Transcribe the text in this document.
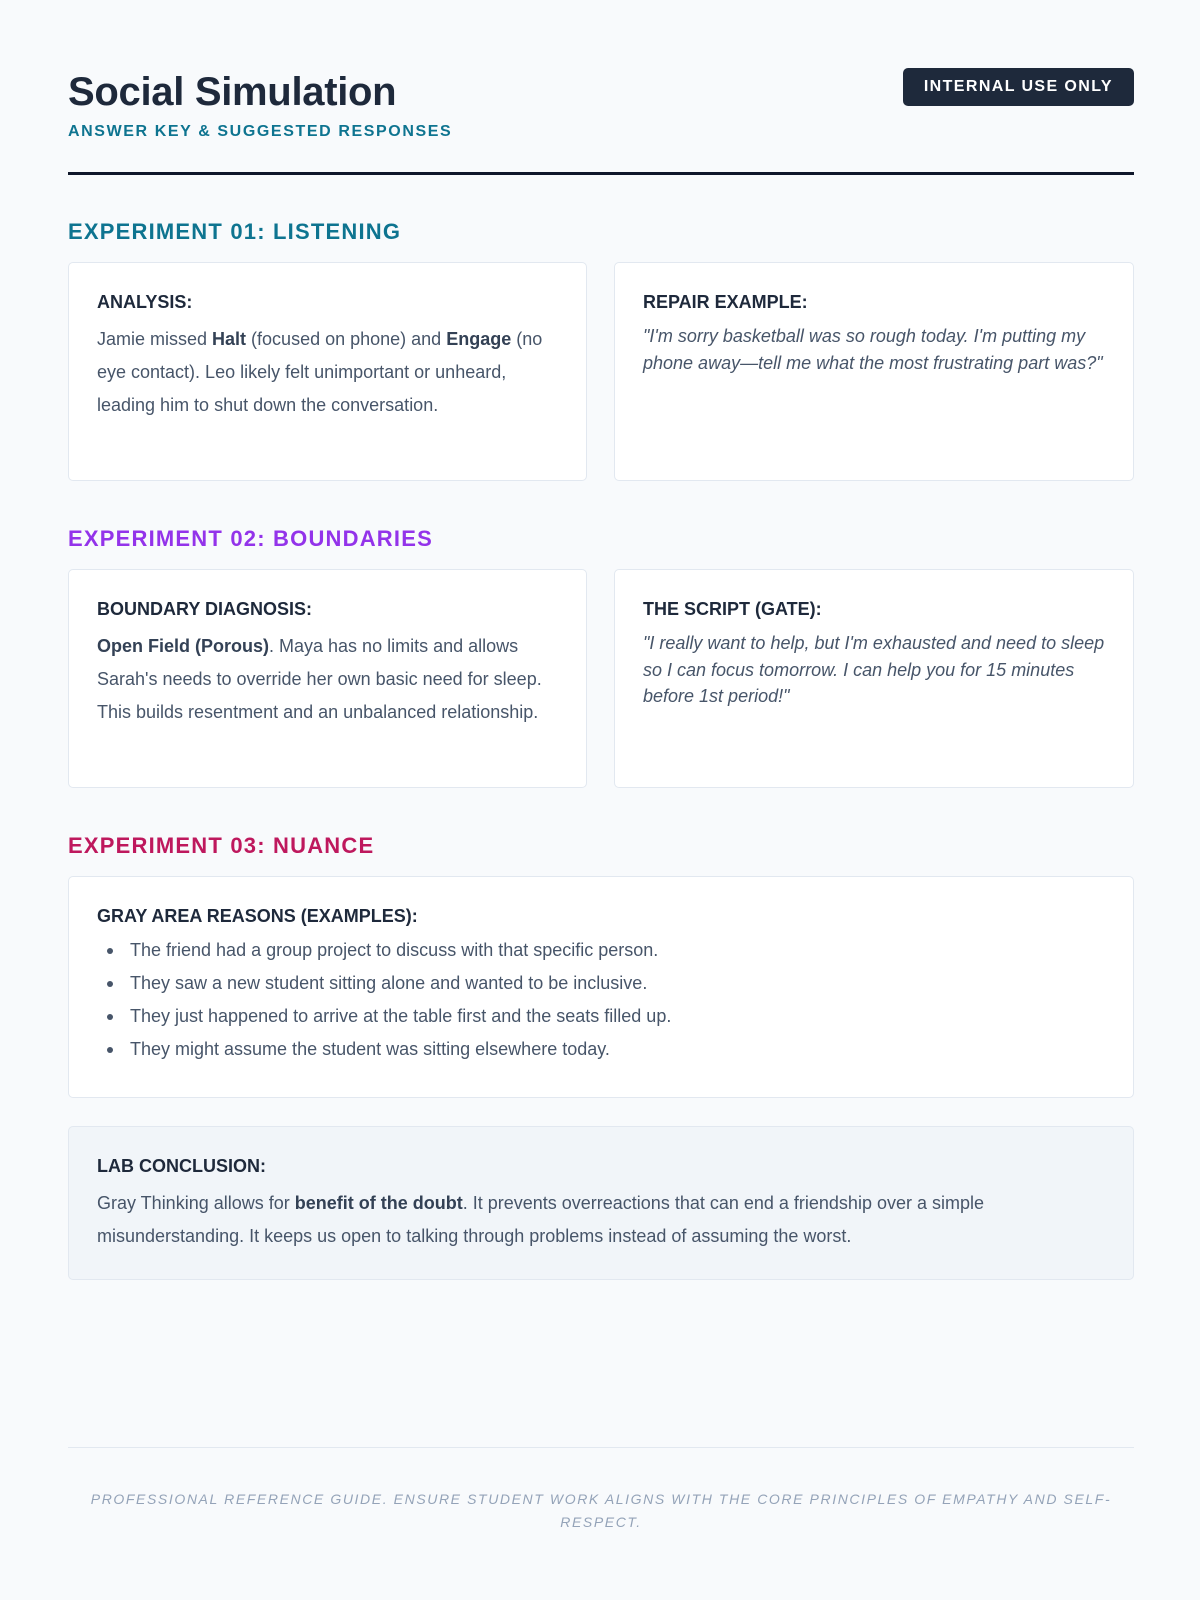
Social Simulation
ANSWER KEY & SUGGESTED RESPONSES
INTERNAL USE ONLY
EXPERIMENT 01: LISTENING
ANALYSIS:
Jamie missed Halt (focused on phone) and Engage (no eye contact). Leo likely felt unimportant or unheard, leading him to shut down the conversation.
REPAIR EXAMPLE:
"I'm sorry basketball was so rough today. I'm putting my phone away—tell me what the most frustrating part was?"
EXPERIMENT 02: BOUNDARIES
BOUNDARY DIAGNOSIS:
Open Field (Porous). Maya has no limits and allows Sarah's needs to override her own basic need for sleep. This builds resentment and an unbalanced relationship.
THE SCRIPT (GATE):
"I really want to help, but I'm exhausted and need to sleep so I can focus tomorrow. I can help you for 15 minutes before 1st period!"
EXPERIMENT 03: NUANCE
GRAY AREA REASONS (EXAMPLES):
The friend had a group project to discuss with that specific person.
They saw a new student sitting alone and wanted to be inclusive.
They just happened to arrive at the table first and the seats filled up.
They might assume the student was sitting elsewhere today.
LAB CONCLUSION:
Gray Thinking allows for benefit of the doubt. It prevents overreactions that can end a friendship over a simple misunderstanding. It keeps us open to talking through problems instead of assuming the worst.
PROFESSIONAL REFERENCE GUIDE. ENSURE STUDENT WORK ALIGNS WITH THE CORE PRINCIPLES OF EMPATHY AND SELF-RESPECT.
